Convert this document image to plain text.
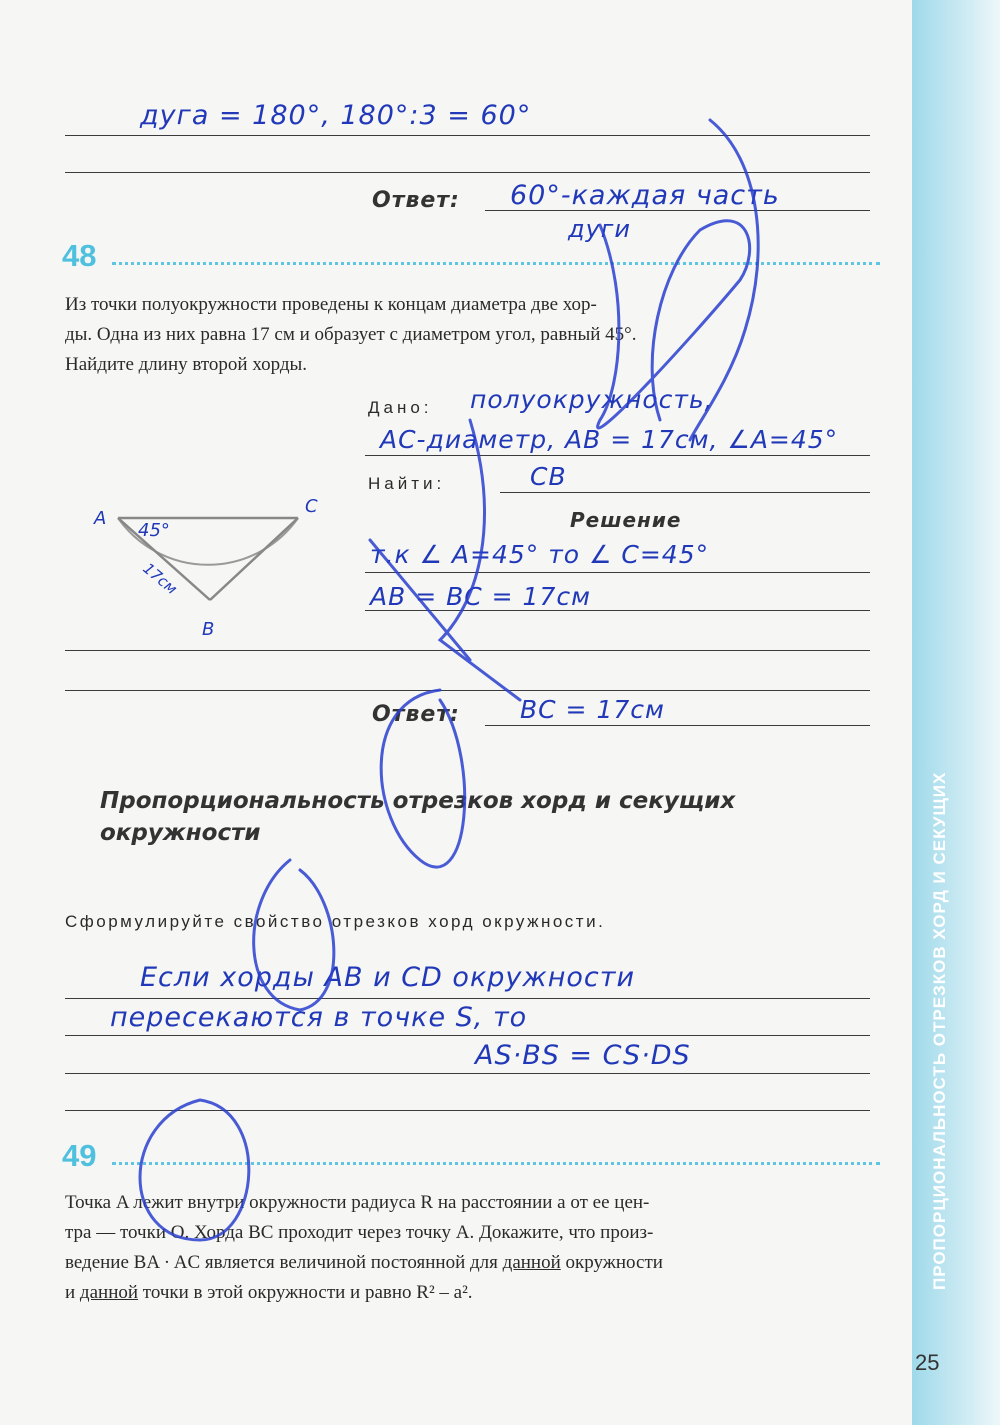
ПРОПОРЦИОНАЛЬНОСТЬ ОТРЕЗКОВ ХОРД И СЕКУЩИХ
25
дуга = 180°, 180°:3 = 60°
Ответ: 60°-каждая часть
дуги
48
Из точки полуокружности проведены к концам диаметра две хор-
ды. Одна из них равна 17 см и образует с диаметром угол, равный 45°.
Найдите длину второй хорды.
Дано: полуокружность,
AC-диаметр, AB = 17см, ∠A=45°
Найти:	CB
A
C
B
45°
17см
Решение
т.к ∠ A=45° то ∠ C=45°
AB = BC = 17см
Ответ: BC = 17см
Пропорциональность отрезков хорд и секущих окружности
Сформулируйте свойство отрезков хорд окружности.
Если хорды AB и CD окружности
пересекаются в точке S, то
AS·BS = CS·DS
49
Точка A лежит внутри окружности радиуса R на расстоянии a от ее цен-
тра — точки O. Хорда BC проходит через точку A. Докажите, что произ-
ведение BA · AC является величиной постоянной для данной окружности
и данной точки в этой окружности и равно R² – a².
